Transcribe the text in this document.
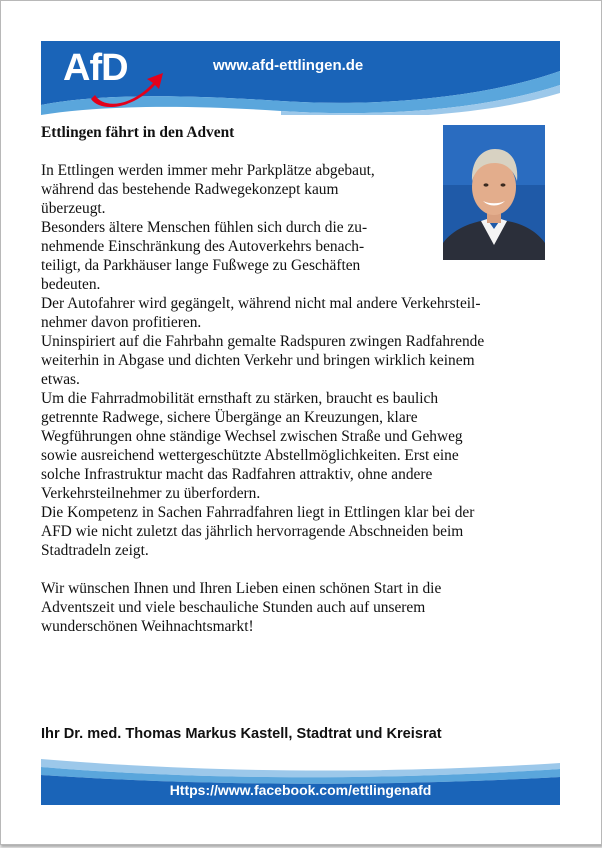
AfD	www.afd-ettlingen.de
Ettlingen fährt in den Advent
In Ettlingen werden immer mehr Parkplätze abgebaut,
während das bestehende Radwegekonzept kaum
überzeugt.
Besonders ältere Menschen fühlen sich durch die zu-
nehmende Einschränkung des Autoverkehrs benach-
teiligt, da Parkhäuser lange Fußwege zu Geschäften
bedeuten.
Der Autofahrer wird gegängelt, während nicht mal andere Verkehrsteil-
nehmer davon profitieren.
Uninspiriert auf die Fahrbahn gemalte Radspuren zwingen Radfahrende
weiterhin in Abgase und dichten Verkehr und bringen wirklich keinem
etwas.
Um die Fahrradmobilität ernsthaft zu stärken, braucht es baulich
getrennte Radwege, sichere Übergänge an Kreuzungen, klare
Wegführungen ohne ständige Wechsel zwischen Straße und Gehweg
sowie ausreichend wettergeschützte Abstellmöglichkeiten. Erst eine
solche Infrastruktur macht das Radfahren attraktiv, ohne andere
Verkehrsteilnehmer zu überfordern.
Die Kompetenz in Sachen Fahrradfahren liegt in Ettlingen klar bei der
AFD wie nicht zuletzt das jährlich hervorragende Abschneiden beim
Stadtradeln zeigt.
Wir wünschen Ihnen und Ihren Lieben einen schönen Start in die
Adventszeit und viele beschauliche Stunden auch auf unserem
wunderschönen Weihnachtsmarkt!
Ihr Dr. med. Thomas Markus Kastell, Stadtrat und Kreisrat
Https://www.facebook.com/ettlingenafd
